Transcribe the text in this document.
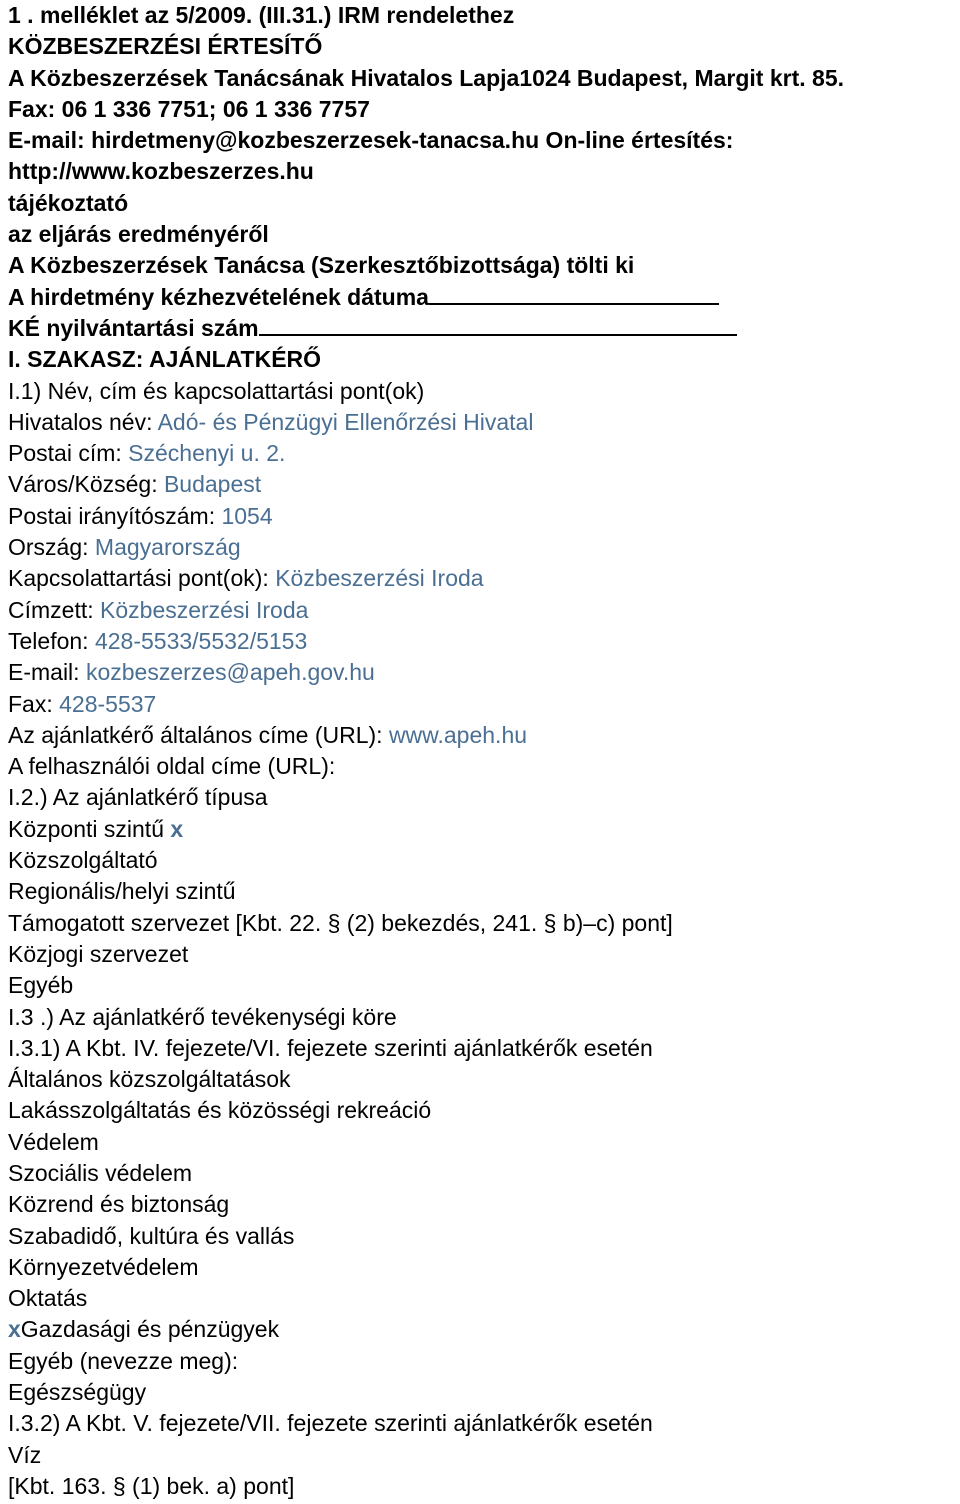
1 . melléklet az 5/2009. (III.31.) IRM rendelethez
KÖZBESZERZÉSI ÉRTESÍTŐ
A Közbeszerzések Tanácsának Hivatalos Lapja1024 Budapest, Margit krt. 85.
Fax: 06 1 336 7751; 06 1 336 7757
E-mail: hirdetmeny@kozbeszerzesek-tanacsa.hu On-line értesítés:
http://www.kozbeszerzes.hu
tájékoztató
az eljárás eredményéről
A Közbeszerzések Tanácsa (Szerkesztőbizottsága) tölti ki
A hirdetmény kézhezvételének dátuma
KÉ nyilvántartási szám
I. SZAKASZ: AJÁNLATKÉRŐ
I.1) Név, cím és kapcsolattartási pont(ok)
Hivatalos név: Adó- és Pénzügyi Ellenőrzési Hivatal
Postai cím: Széchenyi u. 2.
Város/Község: Budapest
Postai irányítószám: 1054
Ország: Magyarország
Kapcsolattartási pont(ok): Közbeszerzési Iroda
Címzett: Közbeszerzési Iroda
Telefon: 428-5533/5532/5153
E-mail: kozbeszerzes@apeh.gov.hu
Fax: 428-5537
Az ajánlatkérő általános címe (URL): www.apeh.hu
A felhasználói oldal címe (URL):
I.2.) Az ajánlatkérő típusa
Központi szintű x
Közszolgáltató
Regionális/helyi szintű
Támogatott szervezet [Kbt. 22. § (2) bekezdés, 241. § b)–c) pont]
Közjogi szervezet
Egyéb
I.3 .) Az ajánlatkérő tevékenységi köre
I.3.1) A Kbt. IV. fejezete/VI. fejezete szerinti ajánlatkérők esetén
Általános közszolgáltatások
Lakásszolgáltatás és közösségi rekreáció
Védelem
Szociális védelem
Közrend és biztonság
Szabadidő, kultúra és vallás
Környezetvédelem
Oktatás
xGazdasági és pénzügyek
Egyéb (nevezze meg):
Egészségügy
I.3.2) A Kbt. V. fejezete/VII. fejezete szerinti ajánlatkérők esetén
Víz
[Kbt. 163. § (1) bek. a) pont]
